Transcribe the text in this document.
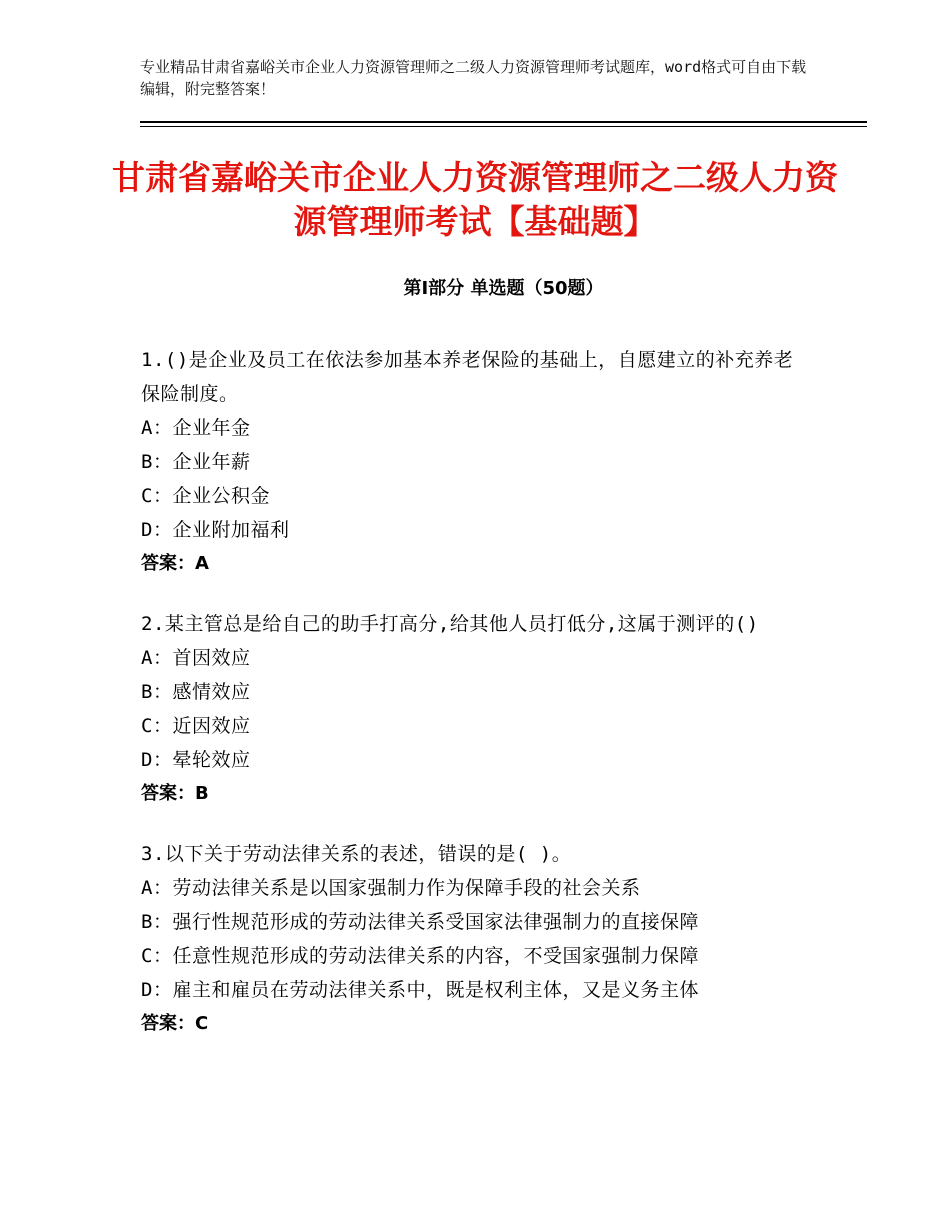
专业精品甘肃省嘉峪关市企业人力资源管理师之二级人力资源管理师考试题库，word格式可自由下载编辑，附完整答案！
甘肃省嘉峪关市企业人力资源管理师之二级人力资源管理师考试【基础题】
第Ⅰ部分 单选题（50题）
1.()是企业及员工在依法参加基本养老保险的基础上，自愿建立的补充养老保险制度。
A：企业年金
B：企业年薪
C：企业公积金
D：企业附加福利
答案：A
2.某主管总是给自己的助手打高分,给其他人员打低分,这属于测评的()
A：首因效应
B：感情效应
C：近因效应
D：晕轮效应
答案：B
3.以下关于劳动法律关系的表述，错误的是( )。
A：劳动法律关系是以国家强制力作为保障手段的社会关系
B：强行性规范形成的劳动法律关系受国家法律强制力的直接保障
C：任意性规范形成的劳动法律关系的内容，不受国家强制力保障
D：雇主和雇员在劳动法律关系中，既是权利主体，又是义务主体
答案：C
